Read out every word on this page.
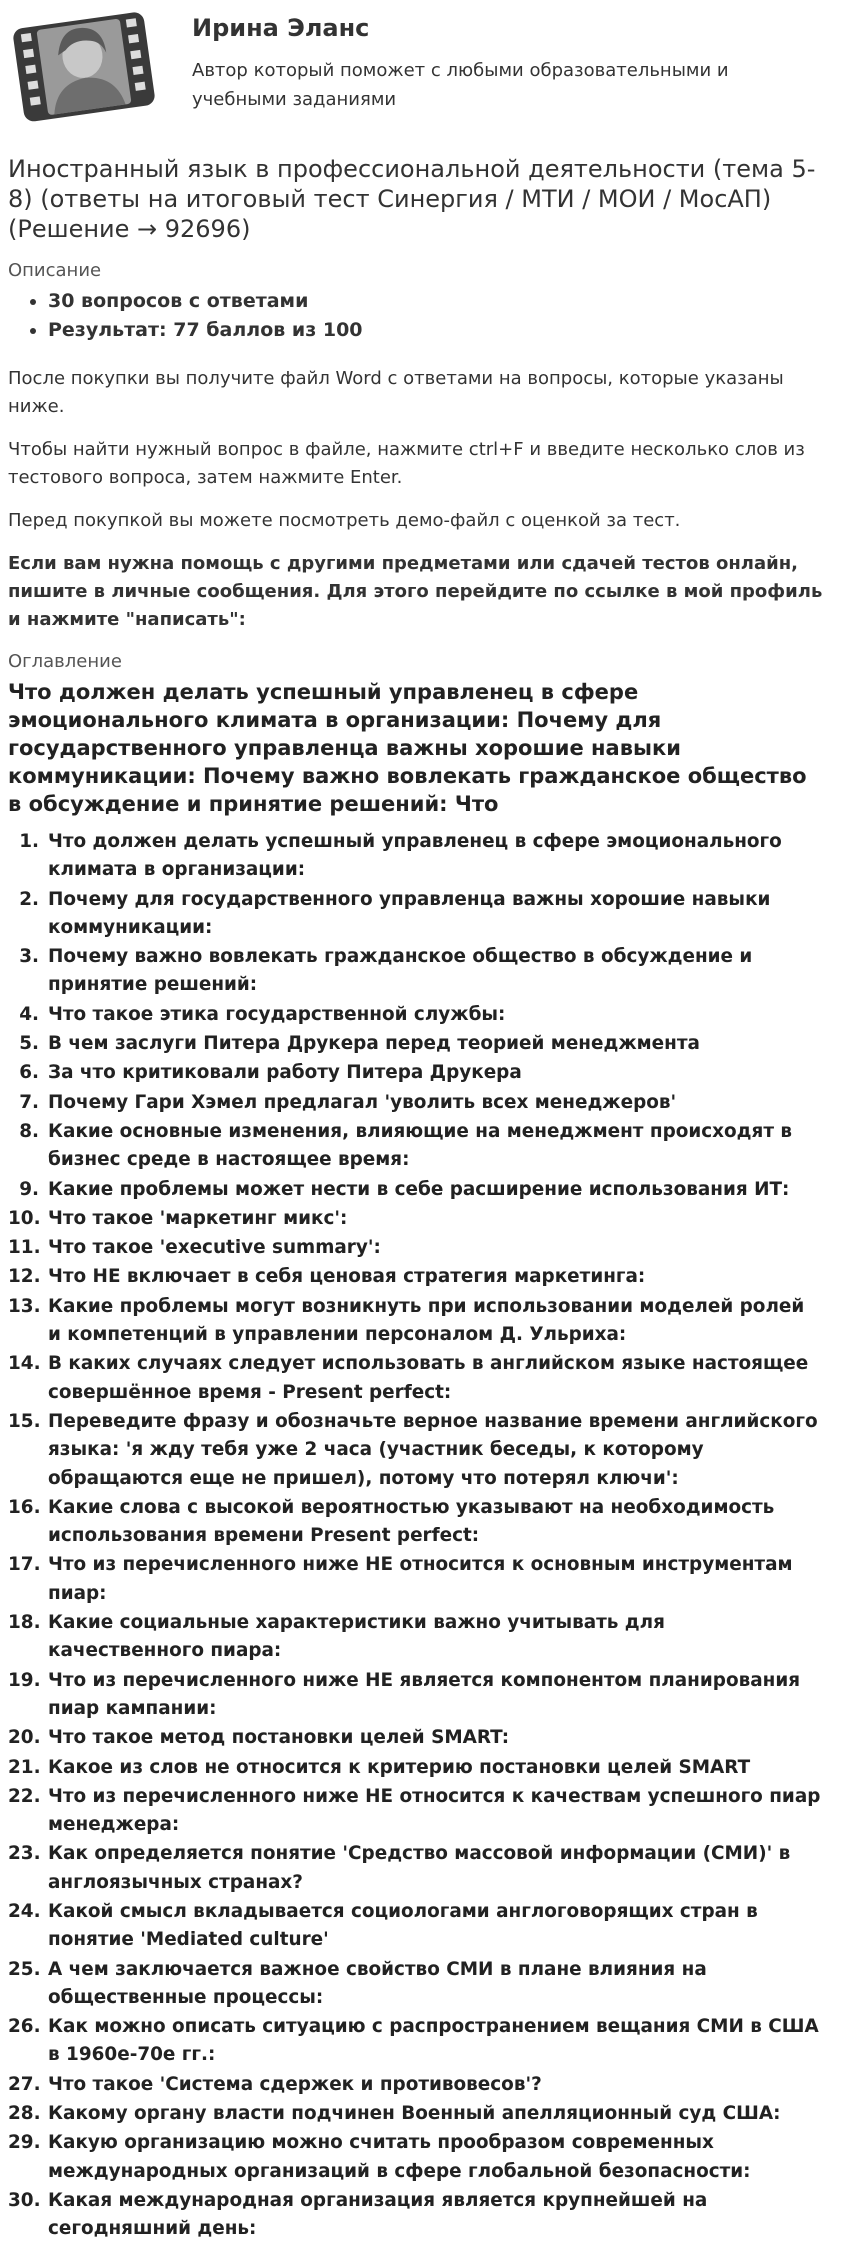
Ирина Эланс
Автор который поможет с любыми образовательными и учебными заданиями
Иностранный язык в профессиональной деятельности (тема 5-8) (ответы на итоговый тест Синергия / МТИ / МОИ / МосАП) (Решение → 92696)
Описание
• 30 вопросов с ответами
• Результат: 77 баллов из 100

После покупки вы получите файл Word с ответами на вопросы, которые указаны ниже.

Чтобы найти нужный вопрос в файле, нажмите ctrl+F и введите несколько слов из тестового вопроса, затем нажмите Enter.

Перед покупкой вы можете посмотреть демо-файл с оценкой за тест.

Если вам нужна помощь с другими предметами или сдачей тестов онлайн, пишите в личные сообщения. Для этого перейдите по ссылке в мой профиль и нажмите "написать":

Оглавление
Что должен делать успешный управленец в сфере эмоционального климата в организации: Почему для государственного управленца важны хорошие навыки коммуникации: Почему важно вовлекать гражданское общество в обсуждение и принятие решений: Что
1. Что должен делать успешный управленец в сфере эмоционального климата в организации:
2. Почему для государственного управленца важны хорошие навыки коммуникации:
3. Почему важно вовлекать гражданское общество в обсуждение и принятие решений:
4. Что такое этика государственной службы:
5. В чем заслуги Питера Друкера перед теорией менеджмента
6. За что критиковали работу Питера Друкера
7. Почему Гари Хэмел предлагал 'уволить всех менеджеров'
8. Какие основные изменения, влияющие на менеджмент происходят в бизнес среде в настоящее время:
9. Какие проблемы может нести в себе расширение использования ИТ:
10. Что такое 'маркетинг микс':
11. Что такое 'executive summary':
12. Что НЕ включает в себя ценовая стратегия маркетинга:
13. Какие проблемы могут возникнуть при использовании моделей ролей и компетенций в управлении персоналом Д. Ульриха:
14. В каких случаях следует использовать в английском языке настоящее совершённое время - Present perfect:
15. Переведите фразу и обозначьте верное название времени английского языка: 'я жду тебя уже 2 часа (участник беседы, к которому обращаются еще не пришел), потому что потерял ключи':
16. Какие слова с высокой вероятностью указывают на необходимость использования времени Present perfect:
17. Что из перечисленного ниже НЕ относится к основным инструментам пиар:
18. Какие социальные характеристики важно учитывать для качественного пиара:
19. Что из перечисленного ниже НЕ является компонентом планирования пиар кампании:
20. Что такое метод постановки целей SMART:
21. Какое из слов не относится к критерию постановки целей SMART
22. Что из перечисленного ниже НЕ относится к качествам успешного пиар менеджера:
23. Как определяется понятие 'Средство массовой информации (СМИ)' в англоязычных странах?
24. Какой смысл вкладывается социологами англоговорящих стран в понятие 'Mediated culture'
25. А чем заключается важное свойство СМИ в плане влияния на общественные процессы:
26. Как можно описать ситуацию с распространением вещания СМИ в США в 1960е-70е гг.:
27. Что такое 'Система сдержек и противовесов'?
28. Какому органу власти подчинен Военный апелляционный суд США:
29. Какую организацию можно считать прообразом современных международных организаций в сфере глобальной безопасности:
30. Какая международная организация является крупнейшей на сегодняшний день:
